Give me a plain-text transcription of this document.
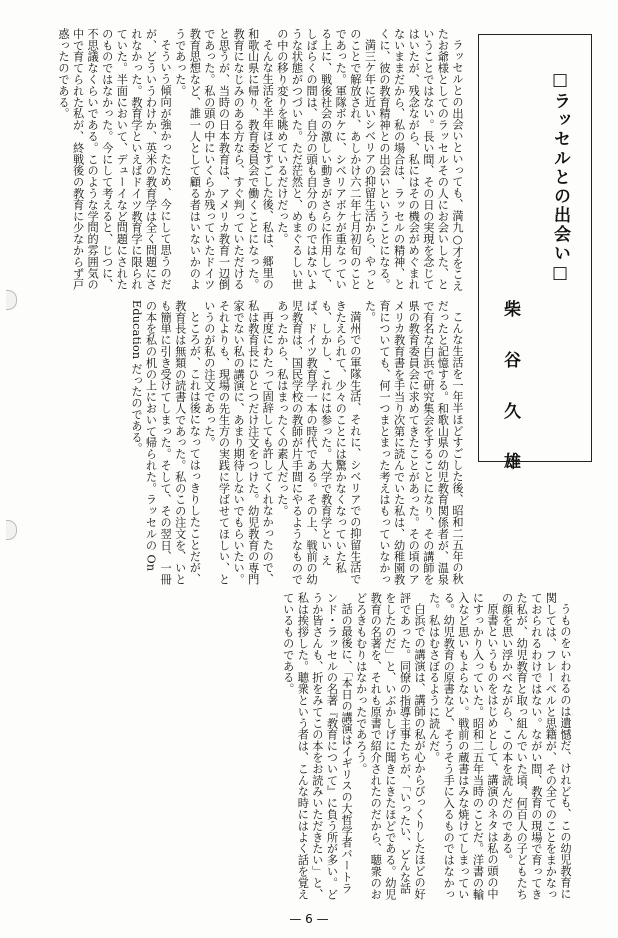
□ラッセルとの出会い□
柴 谷 久 雄

ラッセルとの出会いといっても、満九○才をこえたお爺様としてのラッセルその人にお会いした、ということではない。長い間、その日の実現を念じてはいたが、残念ながら、私にはその機会がめぐまれないままだから、私の場合は、ラッセルの精神、とくに、彼の教育精神との出会いということになる。

満三ケ年に近いシベリアの抑留生活から、やっとのことで解放され、あしかけ六二年七月初旬のことであった。軍隊ボケに、シベリアボケが重なっている上に、戦後社会の激しい動きがさらに作用して、しばらくの間は、自分の頭も自分のものではないような状態がつづいた。ただ茫然と、めまぐるしい世の中の移り変りを眺めているだけだった。

そんな生活を半年ほどすごした後、私は、郷里の和歌山県に帰り、教育委員会で働くことになった。教育になじみのある方なら、すぐ判っていただけると思うが、当時の日本教育は、アメリカ教育一辺倒であった。私の頭の中にいくらか残っていたドイツ教育思想など、誰一人として顧る者はいないかのようであった。

そういう傾向が強かったため、今にして思うのだが、どういうわけか、英米の教育学は全く問題にされなかった。教育学といえばドイツ教育学に限られていた。半面において、デューイなど問題にされたのものではなかった。今にして考えると、じつに、不思議なくらいである。このような学問的雰囲気の中で育てられた私が、終戦後の教育に少なからず戸惑ったのである。

こんな生活を一年半ほどすごした後、昭和二五年の秋だったと記憶する。和歌山県の幼児教育関係者が、温泉で有名な白浜で研究集会をすることになり、その講師を県の教育委員会に求めてきたことがあった。その頃のアメリカ教育書を手当り次第に読んでいた私は、幼稚園教育についても、何一つまとまった考えはもっていなかった。

満州での軍隊生活、それに、シベリアでの抑留生活できたえられて、少々のことには驚かなくなっていた私も、しかし、これには参った。大学で教育学とい えば、ドイツ教育学一本の時代である。その上、戦前の幼児教育は、国民学校の教師が片手間にやるようなものであったから、私はまったくの素人だった。

再度にわたって固辞しても許してくれなかったので、私は教育長にひとつだけ注文をつけた。幼児教育の専門家でない私の講演に、あまり期待しないでもらいたい。それよりも、現場の先生方の実践に学ばせてほしい、というのが私の注文であった。

ところが、これは後になってはっきりしたことだが、教育長は無類の読書人であった。私のこの注文を、いとも簡単に引き受けてしまった。そして、その翌日、一冊の本を私の机の上において帰られた。ラッセルの On Education だったのである。

うものをいわれるのは遺憾だ、けれども、この幼児教育に関しては、フレーベルと思籍が、その全てのことをまかなっておられるわけではない。ながい間、教育の現場で育ってきた私が、幼児教育と取っ組んでいた頃、何百人の子どもたちの顔を思い浮かべながら、この本を読んだのである。

原書というものをはじめとして、講演のネタは私の頭の中にすっかり入っていた。昭和二五年当時のことだ。洋書の輸入など思いもよらない。戦前の蔵書はみな焼けてしまっている。幼児教育の原書など、そうそう手に入るものではなかった。私はむさぼるように読んだ。

白浜での講演は、講師の私が心からびっくりしたほどの好評であった。同僚の指導主事たちが、「いったい、どんな話をしたのだ」と、いぶかしげに聞きにきたほどである。幼児教育の名著を、それも原書で紹介されたのだから、聴衆のおどろきもむりはなかったであろう。

話の最後に、「本日の講演はイギリスの大哲学者バートランド・ラッセルの名著『教育について』に負う所が多い。どうか皆さんも、折をみてこの本をお読みいただきたい」と、私は挨拶した。聴衆という者は、こんな時にはよく話を覚えているものである。

— 6 —
